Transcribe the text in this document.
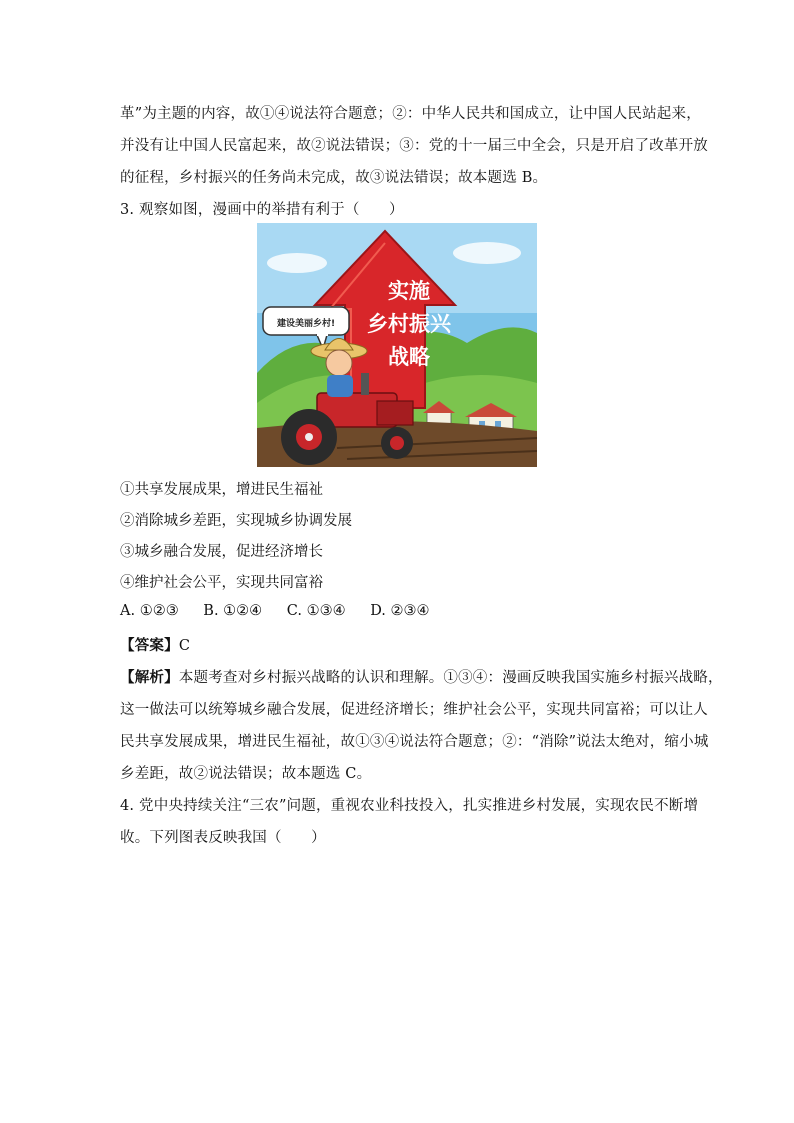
革”为主题的内容，故①④说法符合题意；②：中华人民共和国成立，让中国人民站起来，
并没有让中国人民富起来，故②说法错误；③：党的十一届三中全会，只是开启了改革开放
的征程，乡村振兴的任务尚未完成，故③说法错误；故本题选 B。
3. 观察如图，漫画中的举措有利于（　　）
实施
乡村振兴
战略
建设美丽乡村!
①共享发展成果，增进民生福祉
②消除城乡差距，实现城乡协调发展
③城乡融合发展，促进经济增长
④维护社会公平，实现共同富裕
A. ①②③ B. ①②④ C. ①③④ D. ②③④
【答案】C
【解析】本题考查对乡村振兴战略的认识和理解。①③④：漫画反映我国实施乡村振兴战略，
这一做法可以统筹城乡融合发展，促进经济增长；维护社会公平，实现共同富裕；可以让人
民共享发展成果，增进民生福祉，故①③④说法符合题意；②：“消除”说法太绝对，缩小城
乡差距，故②说法错误；故本题选 C。
4. 党中央持续关注“三农”问题，重视农业科技投入，扎实推进乡村发展，实现农民不断增
收。下列图表反映我国（　　）
